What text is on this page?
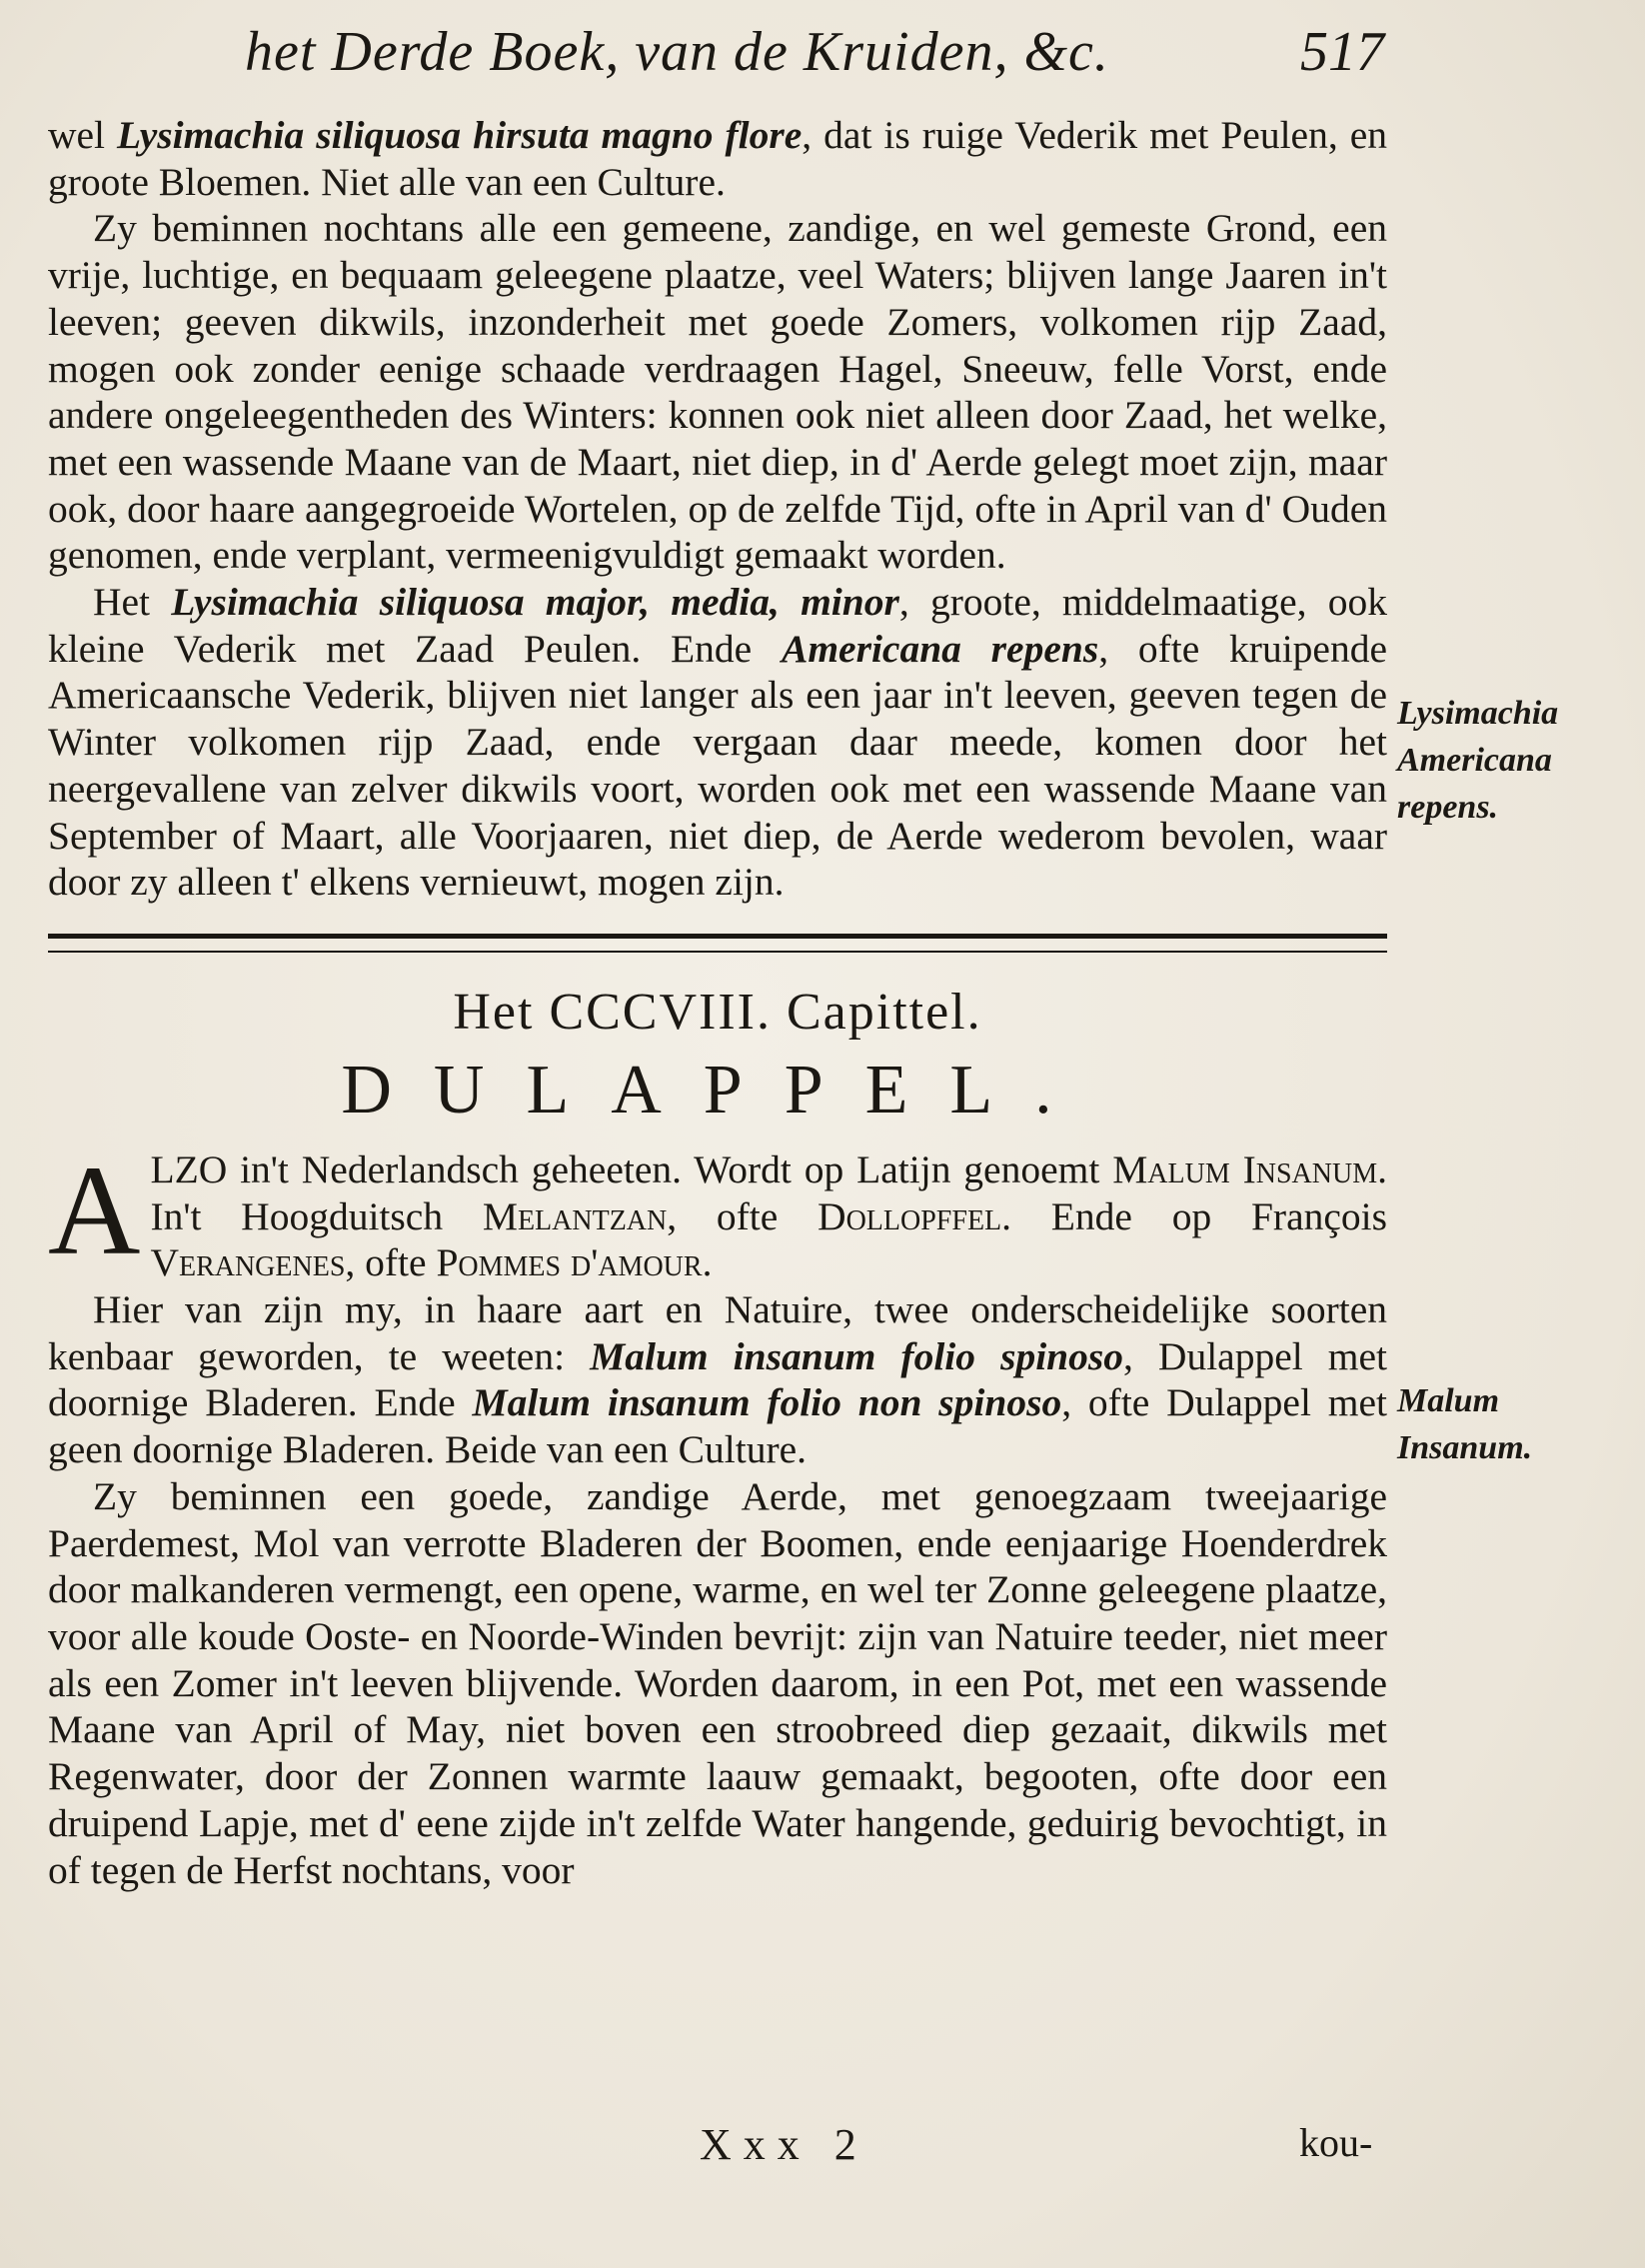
het Derde Boek, van de Kruiden, &c.	517

wel Lysimachia siliquosa hirsuta magno flore, dat is ruige Vederik met Peulen, en groote Bloemen. Niet alle van een Culture.

Zy beminnen nochtans alle een gemeene, zandige, en wel gemeste Grond, een vrije, luchtige, en bequaam geleegene plaatze, veel Waters; blijven lange Jaaren in't leeven; geeven dikwils, inzonderheit met goede Zomers, volkomen rijp Zaad, mogen ook zonder eenige schaade verdraagen Hagel, Sneeuw, felle Vorst, ende andere ongeleegentheden des Winters: konnen ook niet alleen door Zaad, het welke, met een wassende Maane van de Maart, niet diep, in d' Aerde gelegt moet zijn, maar ook, door haare aangegroeide Wortelen, op de zelfde Tijd, ofte in April van d' Ouden genomen, ende verplant, vermeenigvuldigt gemaakt worden.

Het Lysimachia siliquosa major, media, minor, groote, middelmaatige, ook kleine Vederik met Zaad Peulen. Ende Americana repens, ofte kruipende Americaansche Vederik, blijven niet langer als een jaar in't leeven, geeven tegen de Winter volkomen rijp Zaad, ende vergaan daar meede, komen door het neergevallene van zelver dikwils voort, worden ook met een wassende Maane van September of Maart, alle Voorjaaren, niet diep, de Aerde wederom bevolen, waar door zy alleen t' elkens vernieuwt, mogen zijn.

Het CCCVIII. Capittel.
DULAPPEL.

ALZO in't Nederlandsch geheeten. Wordt op Latijn genoemt Malum Insanum. In't Hoogduitsch Melantzan, ofte Dollopffel. Ende op François Verangenes, ofte Pommes d'amour.

Hier van zijn my, in haare aart en Natuire, twee onderscheidelijke soorten kenbaar geworden, te weeten: Malum insanum folio spinoso, Dulappel met doornige Bladeren. Ende Malum insanum folio non spinoso, ofte Dulappel met geen doornige Bladeren. Beide van een Culture.

Zy beminnen een goede, zandige Aerde, met genoegzaam tweejaarige Paerdemest, Mol van verrotte Bladeren der Boomen, ende eenjaarige Hoenderdrek door malkanderen vermengt, een opene, warme, en wel ter Zonne geleegene plaatze, voor alle koude Ooste- en Noorde-Winden bevrijt: zijn van Natuire teeder, niet meer als een Zomer in't leeven blijvende. Worden daarom, in een Pot, met een wassende Maane van April of May, niet boven een stroobreed diep gezaait, dikwils met Regenwater, door der Zonnen warmte laauw gemaakt, begooten, ofte door een druipend Lapje, met d' eene zijde in't zelfde Water hangende, geduirig bevochtigt, in of tegen de Herfst nochtans, voor

Lysimachia Americana repens.
Malum Insanum.
Xxx 2	kou-
